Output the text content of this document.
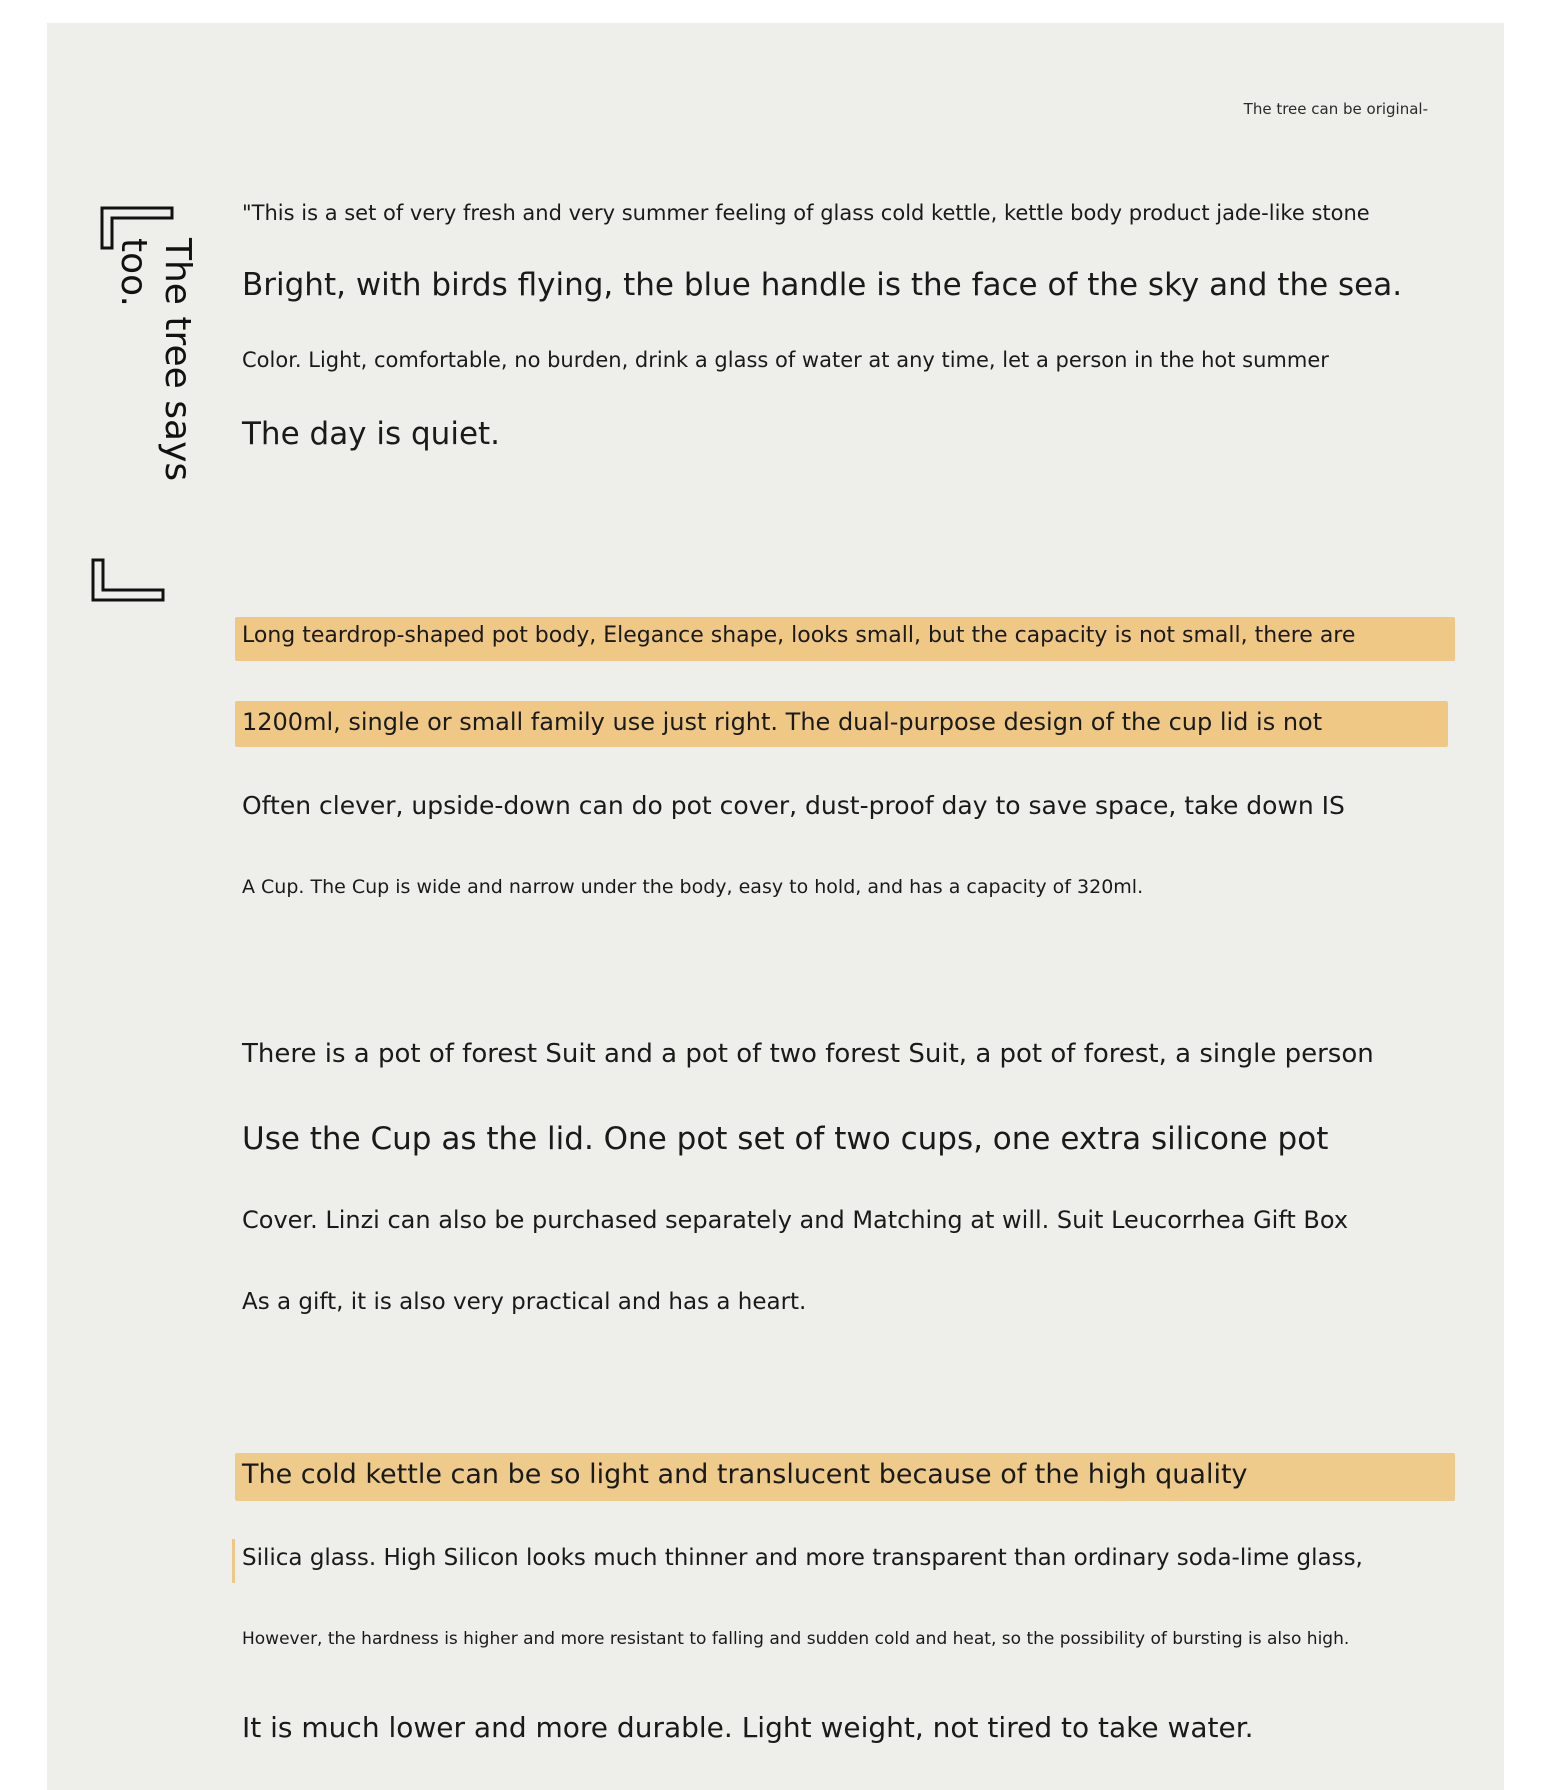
The tree can be original-
The tree says too.
"This is a set of very fresh and very summer feeling of glass cold kettle, kettle body product jade-like stone
Bright, with birds flying, the blue handle is the face of the sky and the sea.
Color. Light, comfortable, no burden, drink a glass of water at any time, let a person in the hot summer
The day is quiet.
Long teardrop-shaped pot body, Elegance shape, looks small, but the capacity is not small, there are
1200ml, single or small family use just right. The dual-purpose design of the cup lid is not
Often clever, upside-down can do pot cover, dust-proof day to save space, take down IS
A Cup. The Cup is wide and narrow under the body, easy to hold, and has a capacity of 320ml.
There is a pot of forest Suit and a pot of two forest Suit, a pot of forest, a single person
Use the Cup as the lid. One pot set of two cups, one extra silicone pot
Cover. Linzi can also be purchased separately and Matching at will. Suit Leucorrhea Gift Box
As a gift, it is also very practical and has a heart.
The cold kettle can be so light and translucent because of the high quality
Silica glass. High Silicon looks much thinner and more transparent than ordinary soda-lime glass,
However, the hardness is higher and more resistant to falling and sudden cold and heat, so the possibility of bursting is also high.
It is much lower and more durable. Light weight, not tired to take water.
